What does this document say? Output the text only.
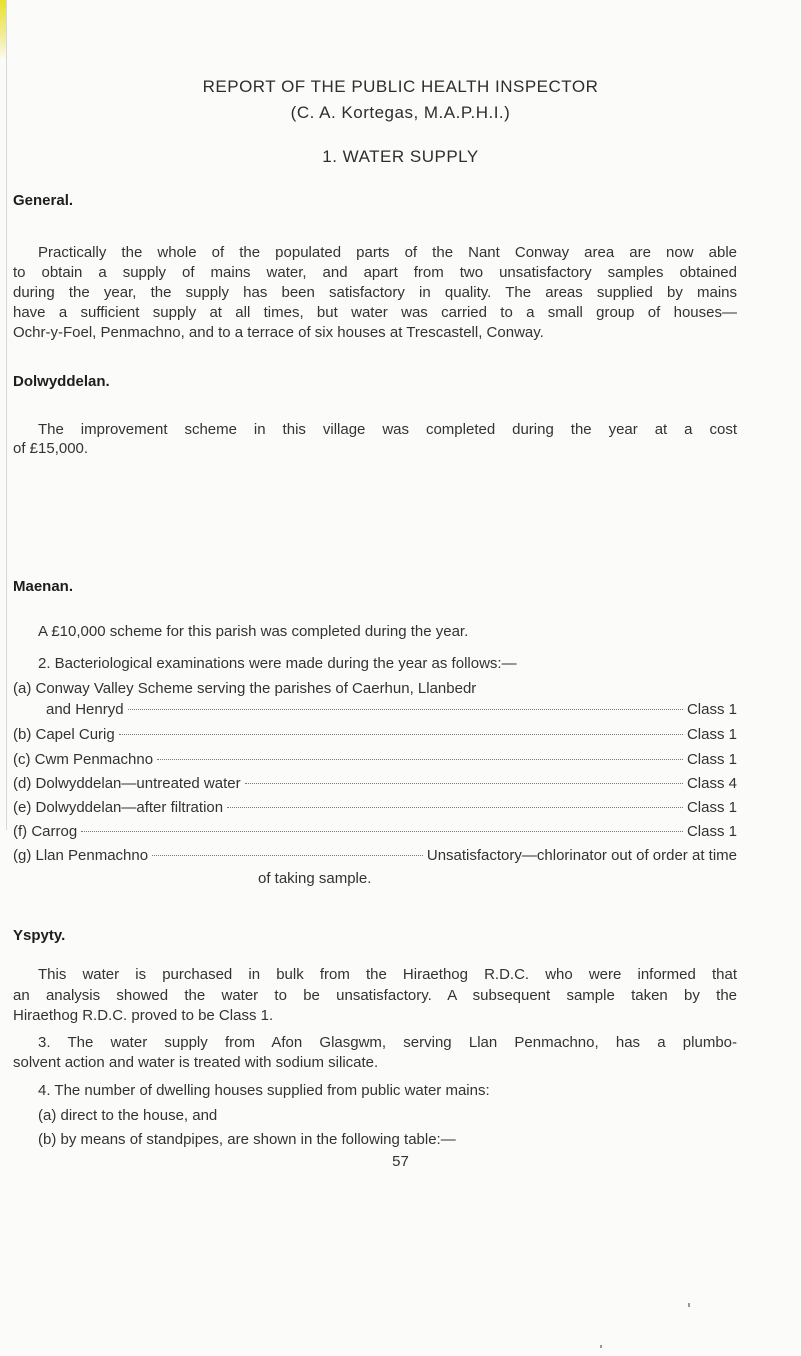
REPORT OF THE PUBLIC HEALTH INSPECTOR
(C. A. Kortegas, M.A.P.H.I.)
1. WATER SUPPLY
General.
Practically the whole of the populated parts of the Nant Conway area are now able
to obtain a supply of mains water, and apart from two unsatisfactory samples obtained
during the year, the supply has been satisfactory in quality. The areas supplied by mains
have a sufficient supply at all times, but water was carried to a small group of houses—
Ochr-y-Foel, Penmachno, and to a terrace of six houses at Trescastell, Conway.
Dolwyddelan.
The improvement scheme in this village was completed during the year at a cost
of £15,000.
Maenan.
A £10,000 scheme for this parish was completed during the year.
2. Bacteriological examinations were made during the year as follows:—
(a) Conway Valley Scheme serving the parishes of Caerhun, Llanbedr
and Henryd	Class 1
(b) Capel Curig	Class 1
(c) Cwm Penmachno	Class 1
(d) Dolwyddelan—untreated water	Class 4
(e) Dolwyddelan—after filtration	Class 1
(f) Carrog	Class 1
(g) Llan Penmachno	Unsatisfactory—chlorinator out of order at time
of taking sample.
Yspyty.
This water is purchased in bulk from the Hiraethog R.D.C. who were informed that
an analysis showed the water to be unsatisfactory. A subsequent sample taken by the
Hiraethog R.D.C. proved to be Class 1.
3. The water supply from Afon Glasgwm, serving Llan Penmachno, has a plumbo-
solvent action and water is treated with sodium silicate.
4. The number of dwelling houses supplied from public water mains:
(a) direct to the house, and
(b) by means of standpipes, are shown in the following table:—
57
